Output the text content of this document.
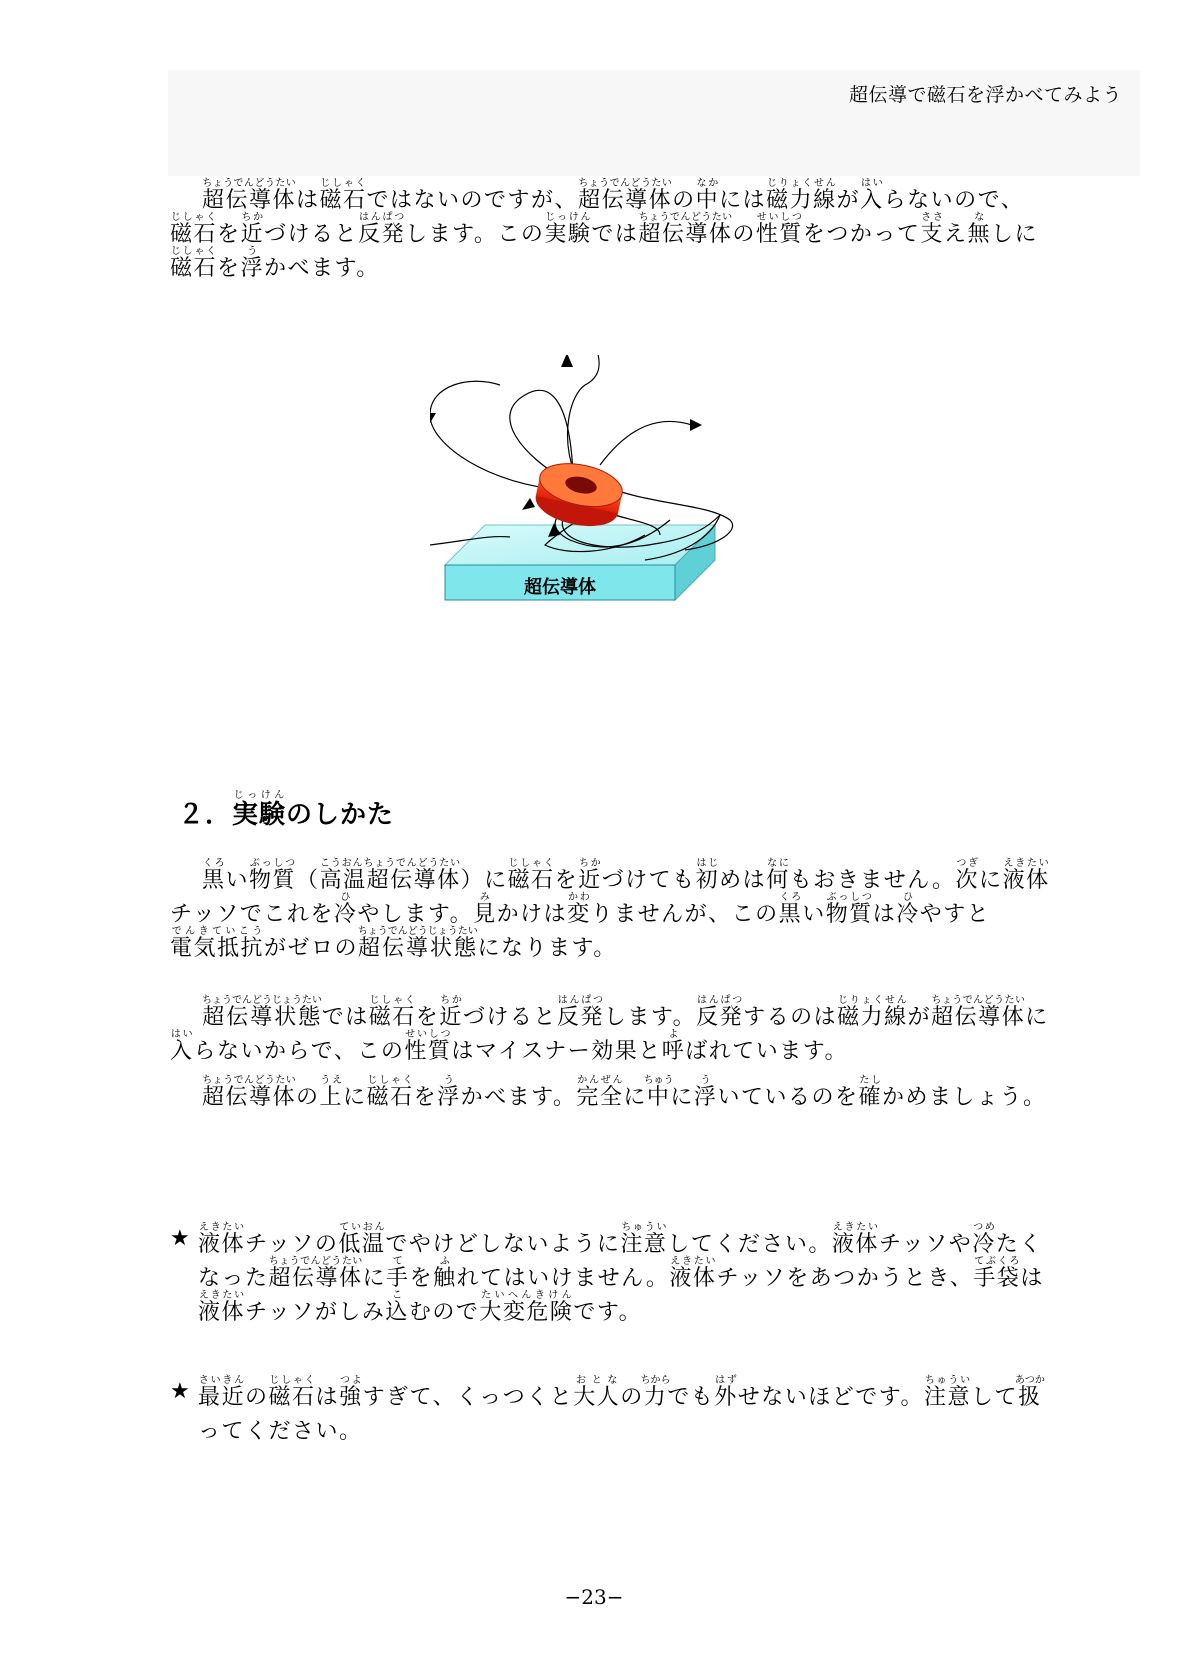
超伝導で磁石を浮かべてみよう
超伝導体ちょうでんどうたいは磁石じしゃくではないのですが、超伝導体ちょうでんどうたいの中なかには磁力線じりょくせんが入はいらないので、磁石じしゃくを近ちかづけると反発はんぱつします。この実験じっけんでは超伝導体ちょうでんどうたいの性質せいしつをつかって支ささえ無なしに磁石じしゃくを浮うかべます。
超伝導体
２．実験じっけんのしかた
黒くろい物質ぶっしつ（高温超伝導体こうおんちょうでんどうたい）に磁石じしゃくを近ちかづけても初はじめは何なにもおきません。次つぎに液体えきたいチッソでこれを冷ひやします。見みかけは変かわりませんが、この黒くろい物質ぶっしつは冷ひやすと電気抵抗でんきていこうがゼロの超伝導状態ちょうでんどうじょうたいになります。
超伝導状態ちょうでんどうじょうたいでは磁石じしゃくを近ちかづけると反発はんぱつします。反発はんぱつするのは磁力線じりょくせんが超伝導体ちょうでんどうたいに入はいらないからで、この性質せいしつはマイスナー効果と呼よばれています。
超伝導体ちょうでんどうたいの上うえに磁石じしゃくを浮うかべます。完全かんぜんに中ちゅうに浮ういているのを確たしかめましょう。
★ 液体えきたいチッソの低温ていおんでやけどしないように注意ちゅういしてください。液体えきたいチッソや冷つめたくなった超伝導体ちょうでんどうたいに手てを触ふれてはいけません。液体えきたいチッソをあつかうとき、手袋てぶくろは液体えきたいチッソがしみ込こむので大変危険たいへんきけんです。
★ 最近さいきんの磁石じしゃくは強つよすぎて、くっつくと大人おとなの力ちからでも外はずせないほどです。注意ちゅういして扱あつかってください。
−23−
